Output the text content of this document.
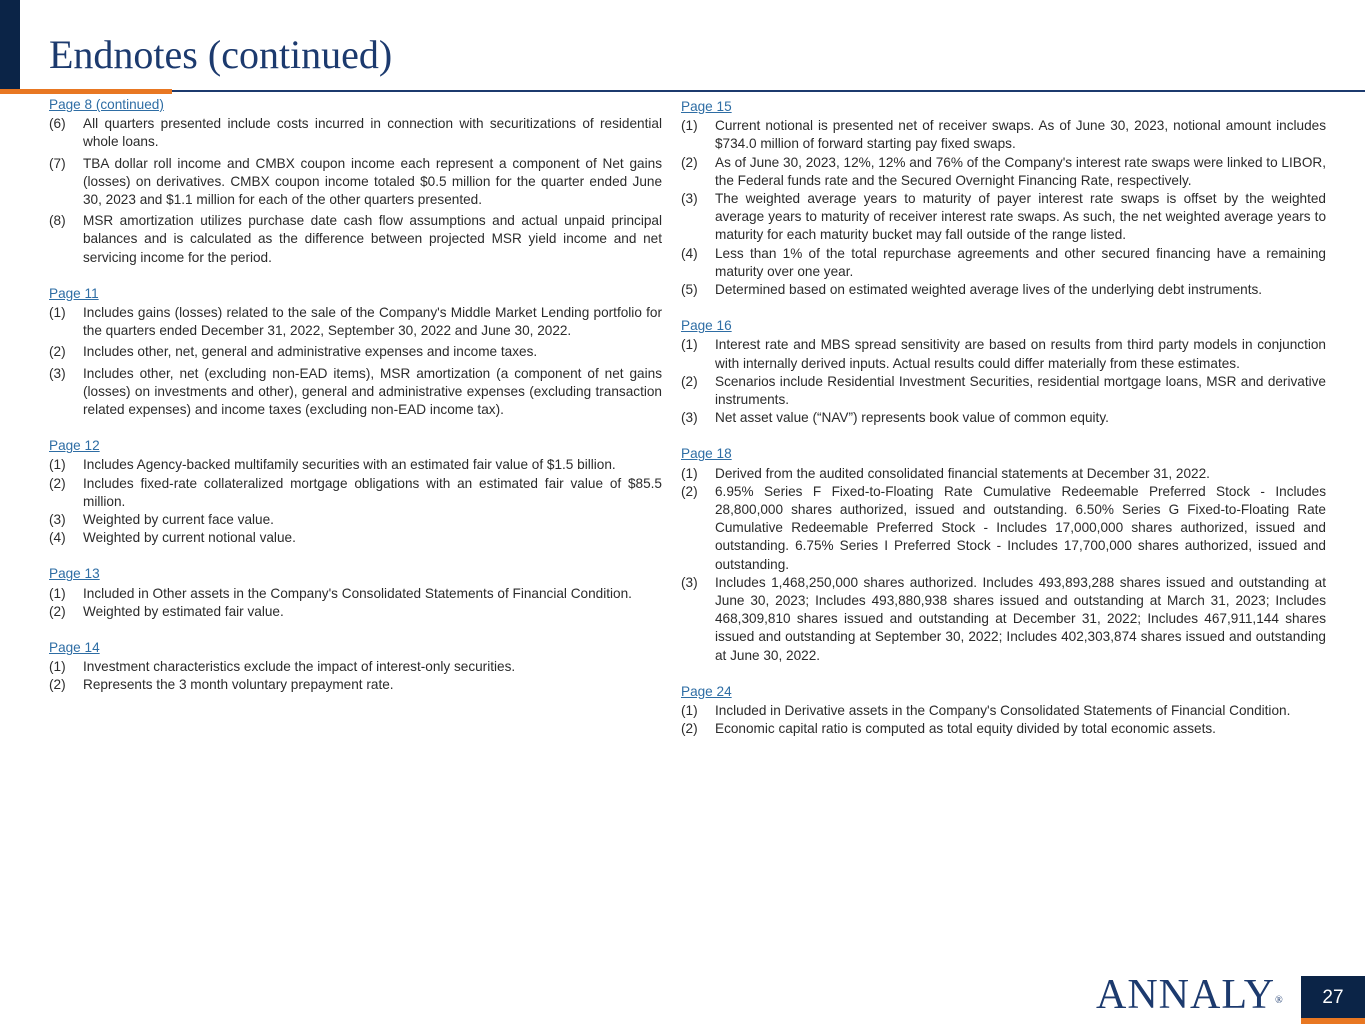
Endnotes (continued)
Page 8 (continued)
(6)	All quarters presented include costs incurred in connection with securitizations of residential whole loans.
(7)	TBA dollar roll income and CMBX coupon income each represent a component of Net gains (losses) on derivatives. CMBX coupon income totaled $0.5 million for the quarter ended June 30, 2023 and $1.1 million for each of the other quarters presented.
(8)	MSR amortization utilizes purchase date cash flow assumptions and actual unpaid principal balances and is calculated as the difference between projected MSR yield income and net servicing income for the period.
Page 11
(1)	Includes gains (losses) related to the sale of the Company's Middle Market Lending portfolio for the quarters ended December 31, 2022, September 30, 2022 and June 30, 2022.
(2)	Includes other, net, general and administrative expenses and income taxes.
(3)	Includes other, net (excluding non-EAD items), MSR amortization (a component of net gains (losses) on investments and other), general and administrative expenses (excluding transaction related expenses) and income taxes (excluding non-EAD income tax).
Page 12
(1)	Includes Agency-backed multifamily securities with an estimated fair value of $1.5 billion.
(2)	Includes fixed-rate collateralized mortgage obligations with an estimated fair value of $85.5 million.
(3)	Weighted by current face value.
(4)	Weighted by current notional value.
Page 13
(1)	Included in Other assets in the Company's Consolidated Statements of Financial Condition.
(2)	Weighted by estimated fair value.
Page 14
(1)	Investment characteristics exclude the impact of interest-only securities.
(2)	Represents the 3 month voluntary prepayment rate.
Page 15
(1)	Current notional is presented net of receiver swaps. As of June 30, 2023, notional amount includes $734.0 million of forward starting pay fixed swaps.
(2)	As of June 30, 2023, 12%, 12% and 76% of the Company's interest rate swaps were linked to LIBOR, the Federal funds rate and the Secured Overnight Financing Rate, respectively.
(3)	The weighted average years to maturity of payer interest rate swaps is offset by the weighted average years to maturity of receiver interest rate swaps. As such, the net weighted average years to maturity for each maturity bucket may fall outside of the range listed.
(4)	Less than 1% of the total repurchase agreements and other secured financing have a remaining maturity over one year.
(5)	Determined based on estimated weighted average lives of the underlying debt instruments.
Page 16
(1)	Interest rate and MBS spread sensitivity are based on results from third party models in conjunction with internally derived inputs. Actual results could differ materially from these estimates.
(2)	Scenarios include Residential Investment Securities, residential mortgage loans, MSR and derivative instruments.
(3)	Net asset value (“NAV”) represents book value of common equity.
Page 18
(1)	Derived from the audited consolidated financial statements at December 31, 2022.
(2)	6.95% Series F Fixed-to-Floating Rate Cumulative Redeemable Preferred Stock - Includes 28,800,000 shares authorized, issued and outstanding. 6.50% Series G Fixed-to-Floating Rate Cumulative Redeemable Preferred Stock - Includes 17,000,000 shares authorized, issued and outstanding. 6.75% Series I Preferred Stock - Includes 17,700,000 shares authorized, issued and outstanding.
(3)	Includes 1,468,250,000 shares authorized. Includes 493,893,288 shares issued and outstanding at June 30, 2023; Includes 493,880,938 shares issued and outstanding at March 31, 2023; Includes 468,309,810 shares issued and outstanding at December 31, 2022; Includes 467,911,144 shares issued and outstanding at September 30, 2022; Includes 402,303,874 shares issued and outstanding at June 30, 2022.
Page 24
(1)	Included in Derivative assets in the Company's Consolidated Statements of Financial Condition.
(2)	Economic capital ratio is computed as total equity divided by total economic assets.
ANNALY®	27
